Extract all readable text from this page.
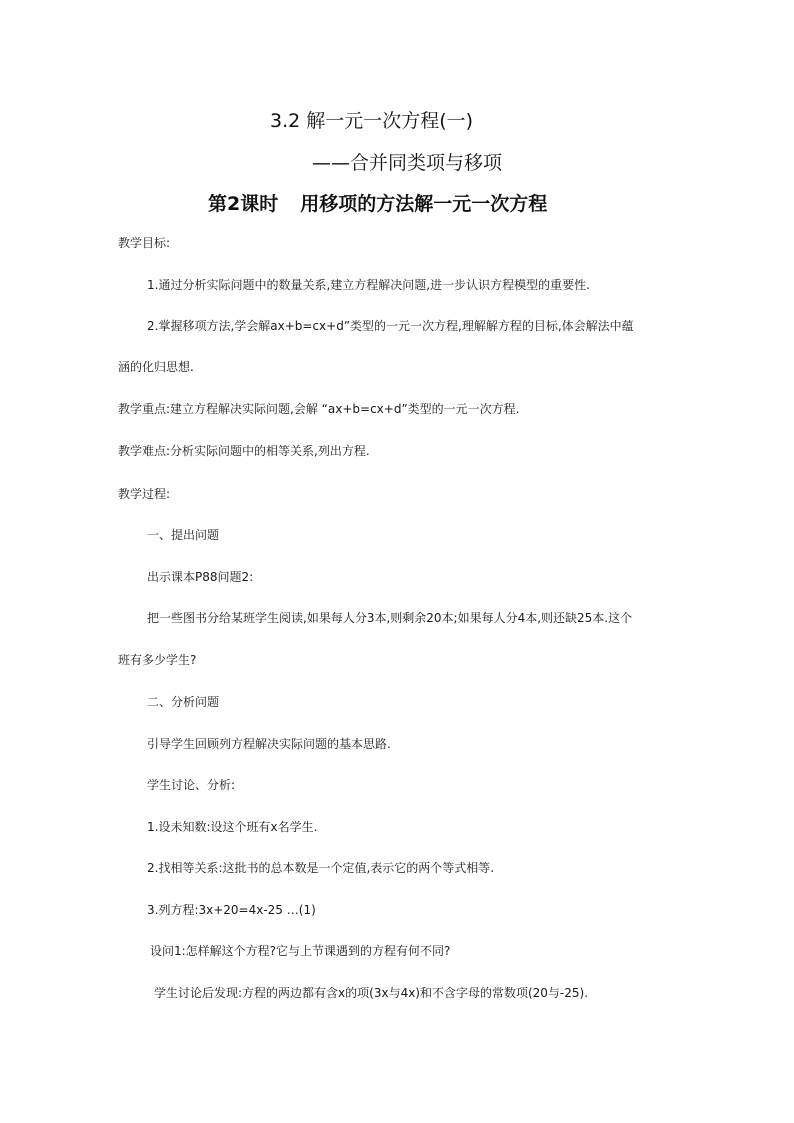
3.2 解一元一次方程(一)
——合并同类项与移项
第2课时 用移项的方法解一元一次方程
教学目标:
1.通过分析实际问题中的数量关系,建立方程解决问题,进一步认识方程模型的重要性.
2.掌握移项方法,学会解ax+b=cx+d”类型的一元一次方程,理解解方程的目标,体会解法中蕴
涵的化归思想.
教学重点:建立方程解决实际问题,会解 “ax+b=cx+d”类型的一元一次方程.
教学难点:分析实际问题中的相等关系,列出方程.
教学过程:
一、提出问题
出示课本P88问题2:
把一些图书分给某班学生阅读,如果每人分3本,则剩余20本;如果每人分4本,则还缺25本.这个
班有多少学生?
二、分析问题
引导学生回顾列方程解决实际问题的基本思路.
学生讨论、分析:
1.设未知数:设这个班有x名学生.
2.找相等关系:这批书的总本数是一个定值,表示它的两个等式相等.
3.列方程:3x+20=4x-25 …(1)
设问1:怎样解这个方程?它与上节课遇到的方程有何不同?
学生讨论后发现:方程的两边都有含x的项(3x与4x)和不含字母的常数项(20与-25).
